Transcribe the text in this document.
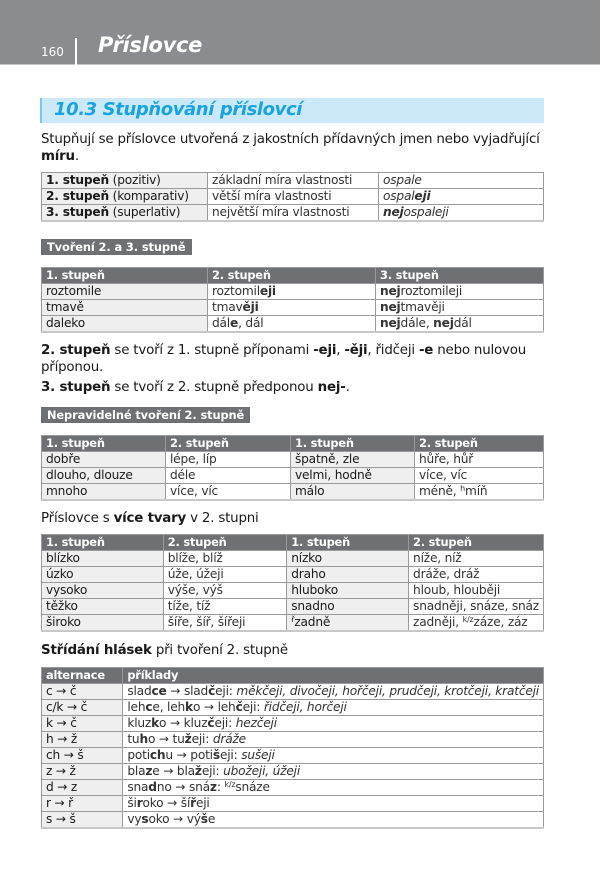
160 Příslovce
10.3 Stupňování příslovcí
Stupňují se příslovce utvořená z jakostních přídavných jmen nebo vyjadřující míru.
1. stupeň (pozitiv)	základní míra vlastnosti	ospale
2. stupeň (komparativ)	větší míra vlastnosti	ospaleji
3. stupeň (superlativ)	největší míra vlastnosti	nejospaleji
Tvoření 2. a 3. stupně
1. stupeň	2. stupeň	3. stupeň
roztomile	roztomileji	nejroztomileji
tmavě	tmavěji	nejtmavěji
daleko	dále, dál	nejdále, nejdál
2. stupeň se tvoří z 1. stupně příponami -eji, -ěji, řidčeji -e nebo nulovou příponou.
3. stupeň se tvoří z 2. stupně předponou nej-.
Nepravidelné tvoření 2. stupně
1. stupeň	2. stupeň	1. stupeň	2. stupeň
dobře	lépe, líp	špatně, zle	hůře, hůř
dlouho, dlouze	déle	velmi, hodně	více, víc
mnoho	více, víc	málo	méně, $^h$míň
Příslovce s více tvary v 2. stupni
1. stupeň	2. stupeň	1. stupeň	2. stupeň
blízko	blíže, blíž	nízko	níže, níž
úzko	úže, úžeji	draho	dráže, dráž
vysoko	výše, výš	hluboko	hloub, hlouběji
těžko	tíže, tíž	snadno	snadněji, snáze, snáz
široko	šíře, šíř, šířeji	$^ř$zadně	zadněji, $^{k/z}$záze, záz
Střídání hlásek při tvoření 2. stupně
alternace	příklady
c → č	sladce → sladčeji: měkčeji, divočeji, hořčeji, prudčeji, krotčeji, kratčeji
c/k → č	lehce, lehko → lehčeji: řidčeji, horčeji
k → č	kluzko → kluzčeji: hezčeji
h → ž	tuho → tužeji: dráže
ch → š	potichu → potišeji: sušeji
z → ž	blaze → blažeji: ubožeji, úžeji
d → z	snadno → snáz: $^{k/z}$snáze
r → ř	široko → šířeji
s → š	vysoko → výše
